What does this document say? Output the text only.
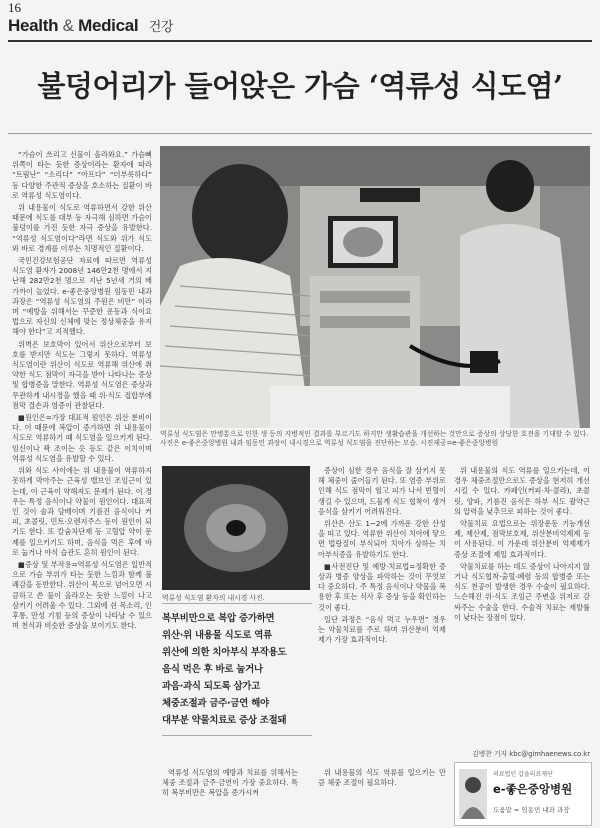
16
Health & Medical 건강
불덩어리가 들어앉은 가슴 ‘역류성 식도염’

“가슴이 쓰리고 신물이 올라와요.” 가슴뼈 위쪽이 타는 듯한 증상이라는 환자에 따라 “트림난” “소리다” “아프다” “더부룩하다” 등 다양한 주관적 증상을 호소하는 질환이 바로 역류성 식도염이다.

위 내용물이 식도로 역류하면서 강한 위산 때문에 식도를 대부 등 자극해 심하면 가슴이 불덩이를 가진 듯한 자극 증상을 유발한다. “역류성 식도염이다”라면 식도와 위가 식도와 바로 경계를 이루는 치명적인 질환이다.

국민건강보험공단 자료에 따르면 역류성 식도염 환자가 2008년 146만2천 명에서 지난해 282만2천 명으로 지난 5년새 거의 배 가까이 늘었다. e-좋은중앙병원 임동민 내과 과장은 “역류성 식도염의 주원은 비만” 이라며 “예방을 위해서는 꾸준한 운동과 식이요법으로 자신의 신체에 맞는 정상체중을 유지해야 한다”고 지적했다.

위벽은 보호막이 있어서 위산으로부터 보호를 받지만 식도는 그렇지 못하다. 역류성 식도염이란 위산이 식도로 역류해 위산에 취약한 식도 점막이 자극을 받아 나타나는 증상 및 합병증을 말한다. 역류성 식도염은 증상과 무관하게 내시경을 했을 때 위·식도 접합부에 점막 결손과 염증이 관찰된다.

■원인은=가장 대표적 원인은 위산 분비이다. 이 때문에 복압이 증가하면 위 내용물이 식도로 역류하기 때 식도염을 일으키게 된다. 임신이나 꽉 조이는 옷 등도 같은 이치이며 역류성 식도염을 유발할 수 있다.

위와 식도 사이에는 위 내용물이 역류하지 못하게 막아주는 근육성 밸브인 조임근이 있는데, 이 근육이 약해져도 문제가 된다. 이 경우는 특정 음식이나 약물이 원인이다. 대표적인 것이 술과 담배이며 기름진 음식이나 커피, 초콜릿, 민트·오렌지주스 등이 원인이 되기도 한다. 또 칼슘차단제 등 고혈압 약이 문제를 일으키기도 하며, 음식을 먹은 후에 바로 눕거나 야식 습관도 흔히 원인이 된다.

■증상 및 부작용=역류성 식도염은 일반적으로 가슴 부위가 타는 듯한 느낌과 함께 불쾌감을 동반한다. 위산이 목으로 넘어오면 시큼하고 쓴 물이 올라오는 듯한 느낌이 나고 삼키기 어려울 수 있다. 그외에 쉰 목소리, 인후통, 만성 기침 등의 증상이 나타날 수 있으며 천식과 비슷한 증상을 보이기도 한다.

역류성 식도염은 만병통으로 인한 생 등의 지병적인 결과를 부르기도 하지만 생활습관을 개선하는 것만으로 증상의 상당한 호전을 기대할 수 있다. 사진은 e-좋은중앙병원 내과 임동민 과장이 내시경으로 역류성 식도염을 진단하는 모습. 시진제공=e-좋은중앙병원
역류성 식도염 환자의 내시경 사진.
복부비만으로 복압 증가하면
위산·위 내용물 식도로 역류
위산에 의한 치아부식 부작용도
음식 먹은 후 바로 눕거나
과음·과식 되도록 삼가고
체중조절과 금주·금연 해야
대부분 약물치료로 증상 조절돼

증상이 심한 경우 음식을 잘 삼키지 못해 체중이 줄어들기 된다. 또 염증 부위로 인해 식도 점막이 헐고 피가 나서 빈혈이 생길 수 있으며, 드물게 식도 협착이 생겨 음식을 삼키기 어려워진다.

위산은 산도 1~2에 가까운 강한 산성을 띠고 있다. 역류한 위산이 치아에 닿으면 법랑질이 부식되어 치아가 상하는 치아부식증을 유발하기도 한다.

■사전진단 및 예방·치료법=정확한 증상과 병증 양상을 파악하는 것이 무엇보다 중요하다. 주 특정 음식이나 약물을 복용한 후 또는 식사 후 증상 등을 확인하는 것이 좋다.

일단 과정은 “음식 먹고 누우면” 경우는 약물치료를 주로 하며 위산분비 억제제가 가장 효과적이다.

위 내용물의 식도 역류를 일으키는데, 이 경우 체중조절만으로도 증상을 현저히 개선시킬 수 있다. 카페인(커피·차·콜라), 초콜릿, 양파, 기름진 음식은 하부 식도 괄약근의 압력을 낮추므로 피하는 것이 좋다.

약물치료 요법으로는 위장운동 기능개선제, 제산제, 점막보호제, 위산분비억제제 등이 사용된다. 이 가운데 위산분비 억제제가 증상 조절에 제일 효과적이다.

약물치료를 하는 데도 증상이 나아지지 않거나 식도협착·출혈·폐렴 등의 합병증 또는 식도 천공이 발생한 경우 수술이 필요하다. 느슨해진 위·식도 조임근 주변을 위저로 감싸주는 수술을 한다. 수술적 치료는 재발률이 낮다는 장점이 있다.

역류성 식도염의 예방과 치료를 위해서는 체중 조절과 금주·금연이 가장 중요하다. 특히 복부비만은 복압을 증가시켜

위 내용물의 식도 역류를 일으키는 만큼 체중 조절이 필요하다.

김병찬 기자 kbc@gimhaenews.co.kr
의료법인 갑을의료재단
e-좋은중앙병원
도움말 = 임동민 내과 과장
